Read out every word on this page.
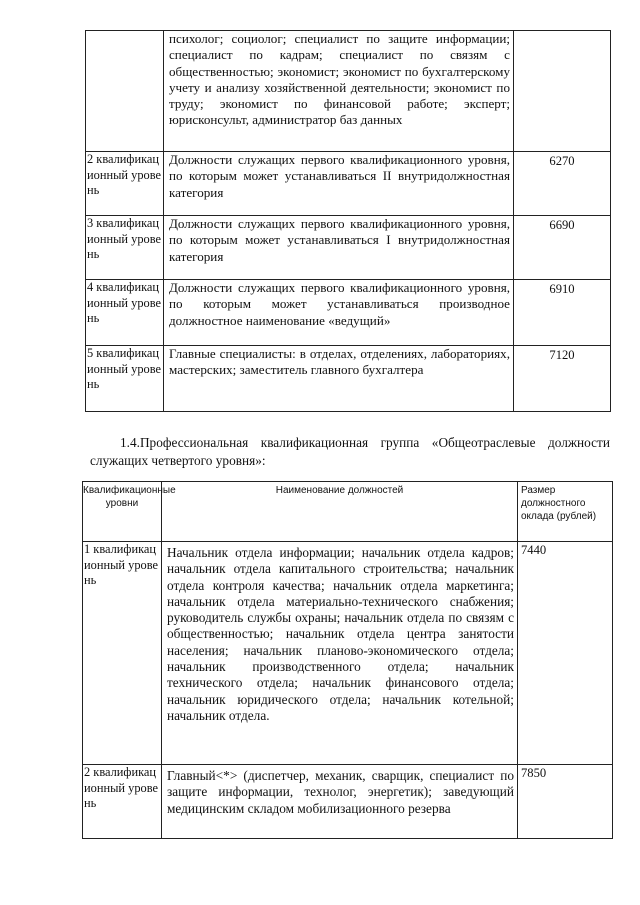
	психолог; социолог; специалист по защите информации; специалист по кадрам; специалист по связям с общественностью; экономист; экономист по бухгалтерскому учету и анализу хозяйственной деятельности; экономист по труду; экономист по финансовой работе; эксперт; юрисконсульт, администратор баз данных	
2 квалификационный уровень	Должности служащих первого квалификационного уровня, по которым может устанавливаться II внутридолжностная категория	6270
3 квалификационный уровень	Должности служащих первого квалификационного уровня, по которым может устанавливаться I внутридолжностная категория	6690
4 квалификационный уровень	Должности служащих первого квалификационного уровня, по которым может устанавливаться производное должностное наименование «ведущий»	6910
5 квалификационный уровень	Главные специалисты: в отделах, отделениях, лабораториях, мастерских; заместитель главного бухгалтера	7120
1.4.Профессиональная квалификационная группа «Общеотраслевые должности служащих четвертого уровня»:
Квалификационные уровни	Наименование должностей	Размер должностного оклада (рублей)
1 квалификационный уровень	Начальник отдела информации; начальник отдела кадров; начальник отдела капитального строительства; начальник отдела контроля качества; начальник отдела маркетинга; начальник отдела материально-технического снабжения; руководитель службы охраны; начальник отдела по связям с общественностью; начальник отдела центра занятости населения; начальник планово-экономического отдела; начальник производственного отдела; начальник технического отдела; начальник финансового отдела; начальник юридического отдела; начальник котельной; начальник отдела.	7440
2 квалификационный уровень	Главный<*> (диспетчер, механик, сварщик, специалист по защите информации, технолог, энергетик); заведующий медицинским складом мобилизационного резерва	7850
